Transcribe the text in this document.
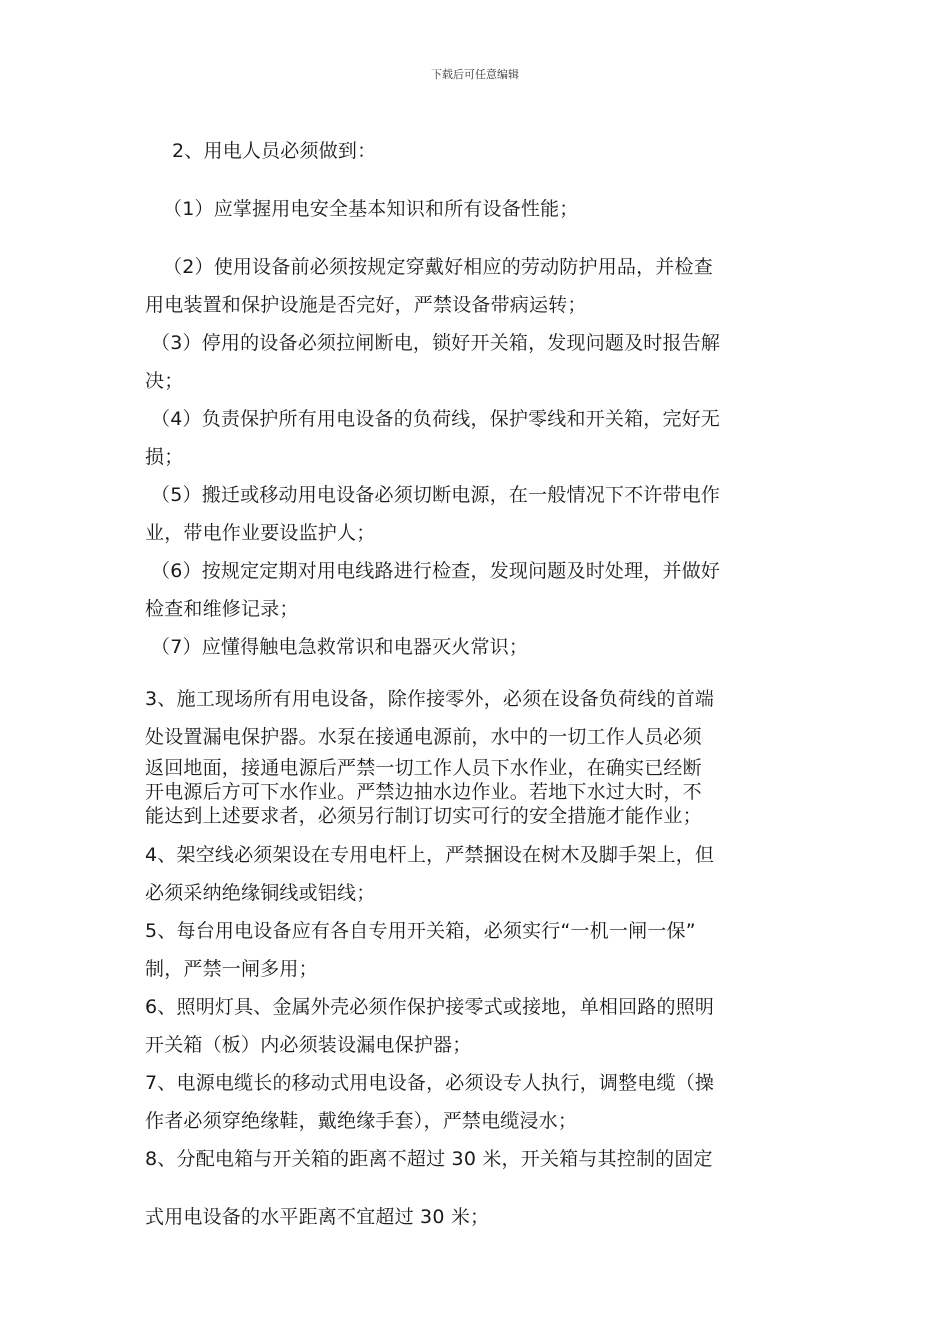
下载后可任意编辑
2、用电人员必须做到：
（1）应掌握用电安全基本知识和所有设备性能；
（2）使用设备前必须按规定穿戴好相应的劳动防护用品，并检查
用电装置和保护设施是否完好，严禁设备带病运转；
（3）停用的设备必须拉闸断电，锁好开关箱，发现问题及时报告解
决；
（4）负责保护所有用电设备的负荷线，保护零线和开关箱，完好无
损；
（5）搬迁或移动用电设备必须切断电源，在一般情况下不许带电作
业，带电作业要设监护人；
（6）按规定定期对用电线路进行检查，发现问题及时处理，并做好
检查和维修记录；
（7）应懂得触电急救常识和电器灭火常识；
3、施工现场所有用电设备，除作接零外，必须在设备负荷线的首端
处设置漏电保护器。水泵在接通电源前，水中的一切工作人员必须
返回地面，接通电源后严禁一切工作人员下水作业，在确实已经断
开电源后方可下水作业。严禁边抽水边作业。若地下水过大时，不
能达到上述要求者，必须另行制订切实可行的安全措施才能作业；
4、架空线必须架设在专用电杆上，严禁捆设在树木及脚手架上，但
必须采纳绝缘铜线或铝线；
5、每台用电设备应有各自专用开关箱，必须实行“一机一闸一保”
制，严禁一闸多用；
6、照明灯具、金属外壳必须作保护接零式或接地，单相回路的照明
开关箱（板）内必须装设漏电保护器；
7、电源电缆长的移动式用电设备，必须设专人执行，调整电缆（操
作者必须穿绝缘鞋，戴绝缘手套），严禁电缆浸水；
8、分配电箱与开关箱的距离不超过 30 米，开关箱与其控制的固定
式用电设备的水平距离不宜超过 30 米；
